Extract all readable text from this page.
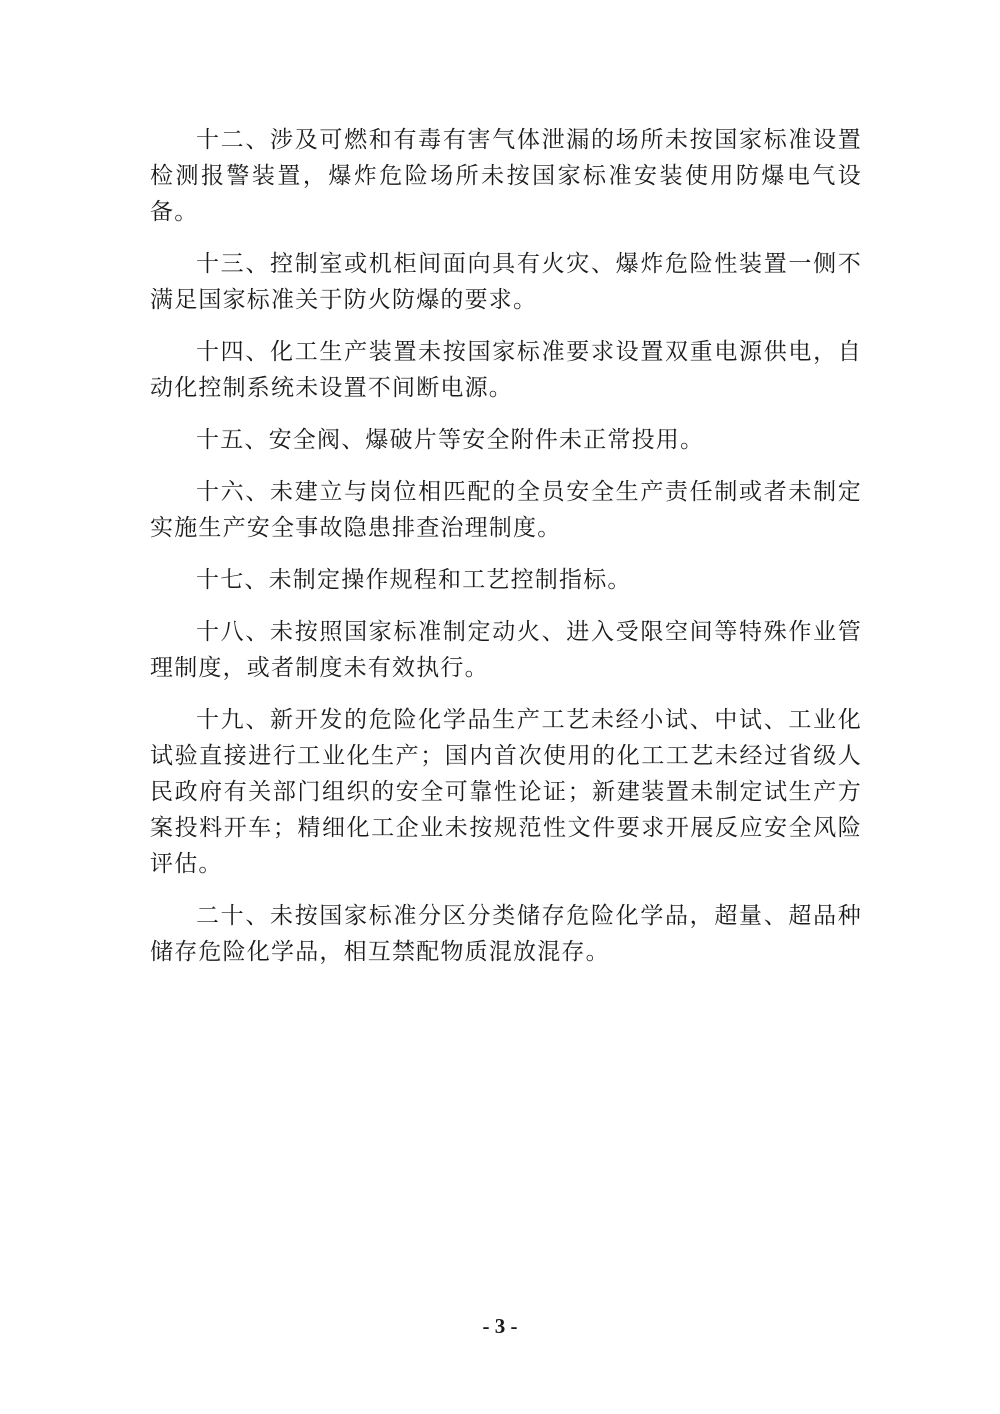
十二、涉及可燃和有毒有害气体泄漏的场所未按国家标准设置检测报警装置，爆炸危险场所未按国家标准安装使用防爆电气设备。

十三、控制室或机柜间面向具有火灾、爆炸危险性装置一侧不满足国家标准关于防火防爆的要求。

十四、化工生产装置未按国家标准要求设置双重电源供电，自动化控制系统未设置不间断电源。

十五、安全阀、爆破片等安全附件未正常投用。

十六、未建立与岗位相匹配的全员安全生产责任制或者未制定实施生产安全事故隐患排查治理制度。

十七、未制定操作规程和工艺控制指标。

十八、未按照国家标准制定动火、进入受限空间等特殊作业管理制度，或者制度未有效执行。

十九、新开发的危险化学品生产工艺未经小试、中试、工业化试验直接进行工业化生产；国内首次使用的化工工艺未经过省级人民政府有关部门组织的安全可靠性论证；新建装置未制定试生产方案投料开车；精细化工企业未按规范性文件要求开展反应安全风险评估。

二十、未按国家标准分区分类储存危险化学品，超量、超品种储存危险化学品，相互禁配物质混放混存。

- 3 -
